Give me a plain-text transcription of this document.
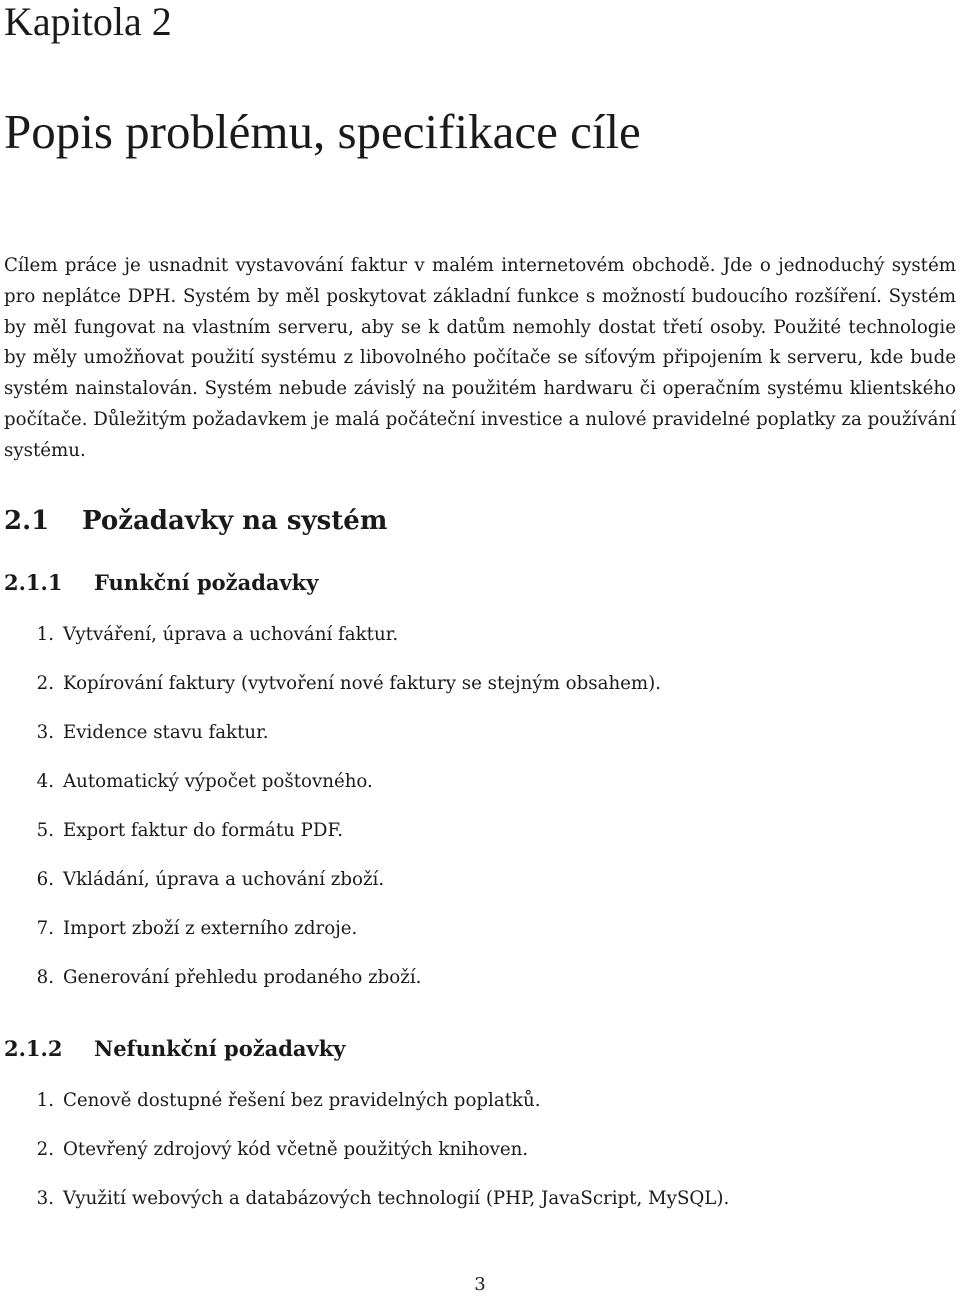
Kapitola 2
Popis problému, specifikace cíle

Cílem práce je usnadnit vystavování faktur v malém internetovém obchodě. Jde o jednoduchý systém pro neplátce DPH. Systém by měl poskytovat základní funkce s možností budoucího rozšíření. Systém by měl fungovat na vlastním serveru, aby se k datům nemohly dostat třetí osoby. Použité technologie by měly umožňovat použití systému z libovolného počítače se síťovým připojením k serveru, kde bude systém nainstalován. Systém nebude závislý na použitém hardwaru či operačním systému klientského počítače. Důležitým požadavkem je malá počáteční investice a nulové pravidelné poplatky za používání systému.

2.1 Požadavky na systém
2.1.1 Funkční požadavky
1. Vytváření, úprava a uchování faktur.
2. Kopírování faktury (vytvoření nové faktury se stejným obsahem).
3. Evidence stavu faktur.
4. Automatický výpočet poštovného.
5. Export faktur do formátu PDF.
6. Vkládání, úprava a uchování zboží.
7. Import zboží z externího zdroje.
8. Generování přehledu prodaného zboží.
2.1.2 Nefunkční požadavky
1. Cenově dostupné řešení bez pravidelných poplatků.
2. Otevřený zdrojový kód včetně použitých knihoven.
3. Využití webových a databázových technologií (PHP, JavaScript, MySQL).
3
